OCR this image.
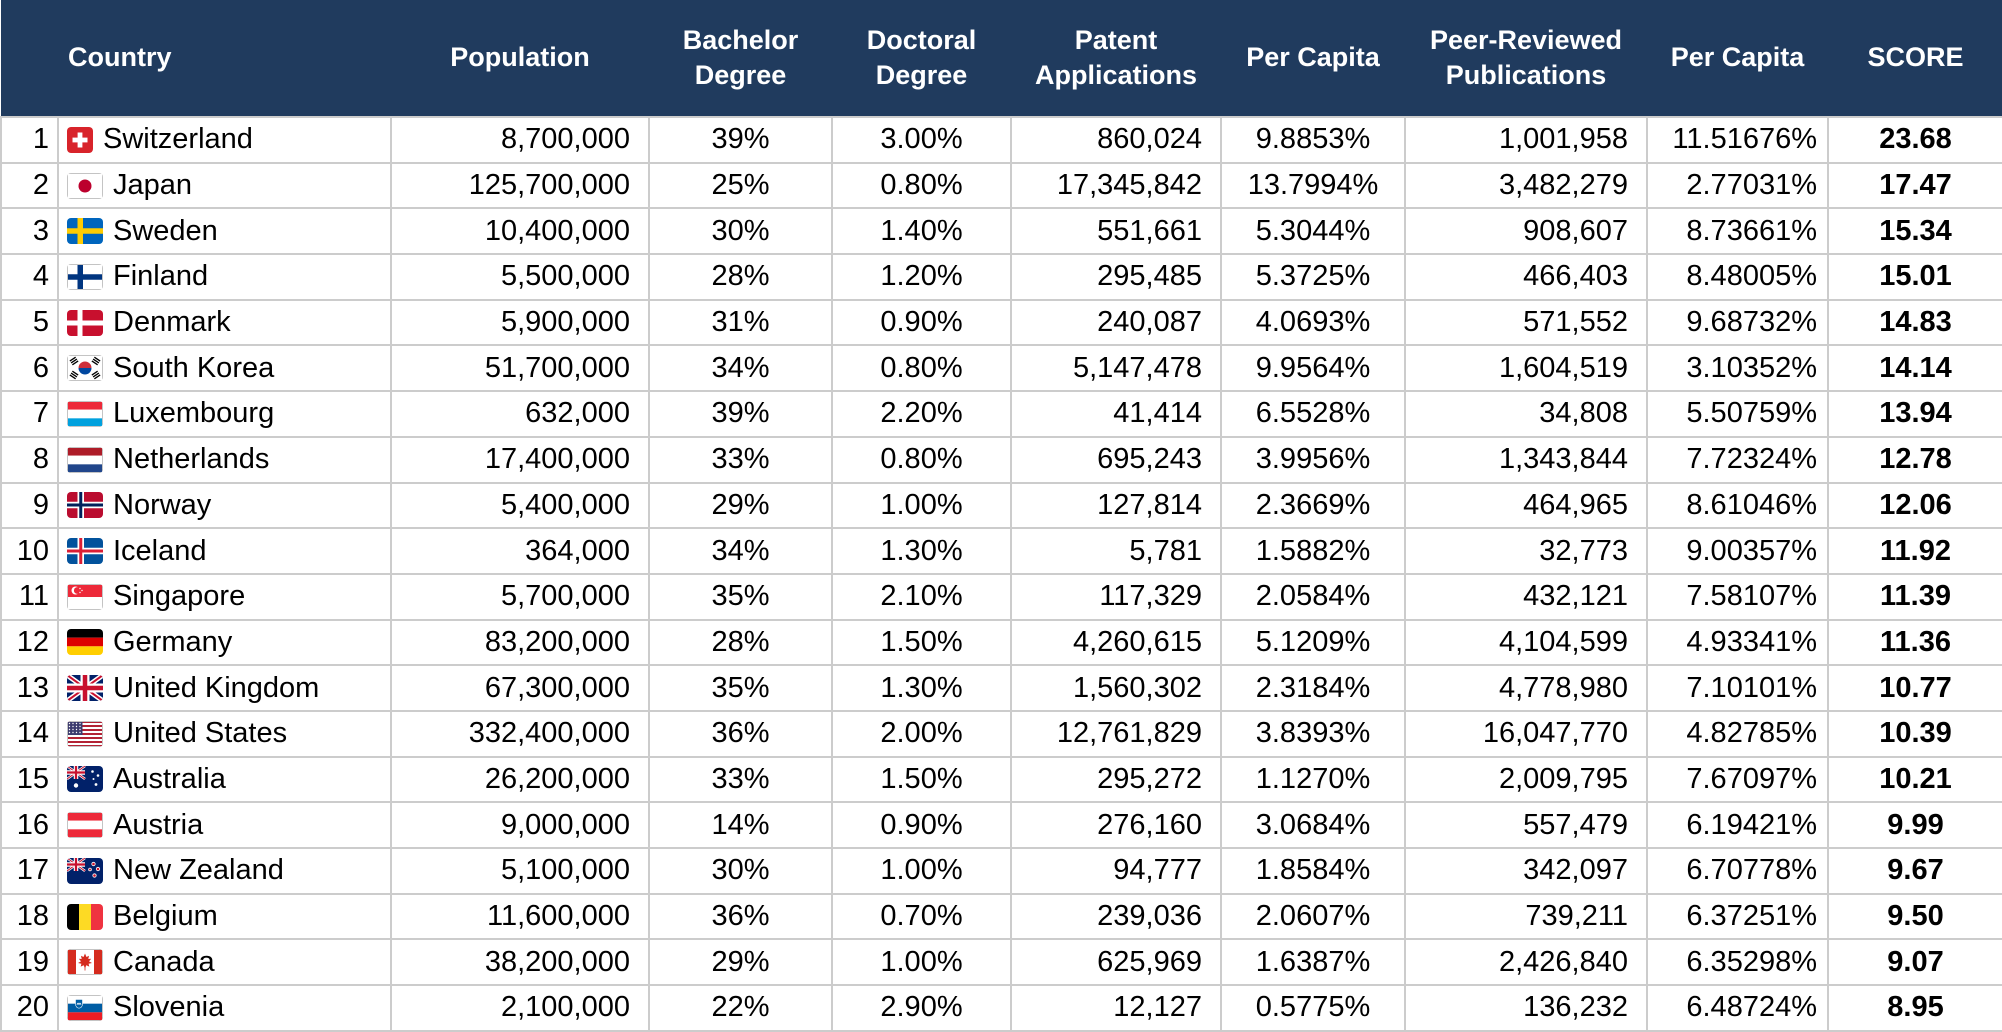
	Country	Population	Bachelor Degree	Doctoral Degree	Patent Applications	Per Capita	Peer-Reviewed Publications	Per Capita	SCORE
1	Switzerland	8,700,000	39%	3.00%	860,024	9.8853%	1,001,958	11.51676%	23.68
2	Japan	125,700,000	25%	0.80%	17,345,842	13.7994%	3,482,279	2.77031%	17.47
3	Sweden	10,400,000	30%	1.40%	551,661	5.3044%	908,607	8.73661%	15.34
4	Finland	5,500,000	28%	1.20%	295,485	5.3725%	466,403	8.48005%	15.01
5	Denmark	5,900,000	31%	0.90%	240,087	4.0693%	571,552	9.68732%	14.83
6	South Korea	51,700,000	34%	0.80%	5,147,478	9.9564%	1,604,519	3.10352%	14.14
7	Luxembourg	632,000	39%	2.20%	41,414	6.5528%	34,808	5.50759%	13.94
8	Netherlands	17,400,000	33%	0.80%	695,243	3.9956%	1,343,844	7.72324%	12.78
9	Norway	5,400,000	29%	1.00%	127,814	2.3669%	464,965	8.61046%	12.06
10	Iceland	364,000	34%	1.30%	5,781	1.5882%	32,773	9.00357%	11.92
11	Singapore	5,700,000	35%	2.10%	117,329	2.0584%	432,121	7.58107%	11.39
12	Germany	83,200,000	28%	1.50%	4,260,615	5.1209%	4,104,599	4.93341%	11.36
13	United Kingdom	67,300,000	35%	1.30%	1,560,302	2.3184%	4,778,980	7.10101%	10.77
14	United States	332,400,000	36%	2.00%	12,761,829	3.8393%	16,047,770	4.82785%	10.39
15	Australia	26,200,000	33%	1.50%	295,272	1.1270%	2,009,795	7.67097%	10.21
16	Austria	9,000,000	14%	0.90%	276,160	3.0684%	557,479	6.19421%	9.99
17	New Zealand	5,100,000	30%	1.00%	94,777	1.8584%	342,097	6.70778%	9.67
18	Belgium	11,600,000	36%	0.70%	239,036	2.0607%	739,211	6.37251%	9.50
19	Canada	38,200,000	29%	1.00%	625,969	1.6387%	2,426,840	6.35298%	9.07
20	Slovenia	2,100,000	22%	2.90%	12,127	0.5775%	136,232	6.48724%	8.95
